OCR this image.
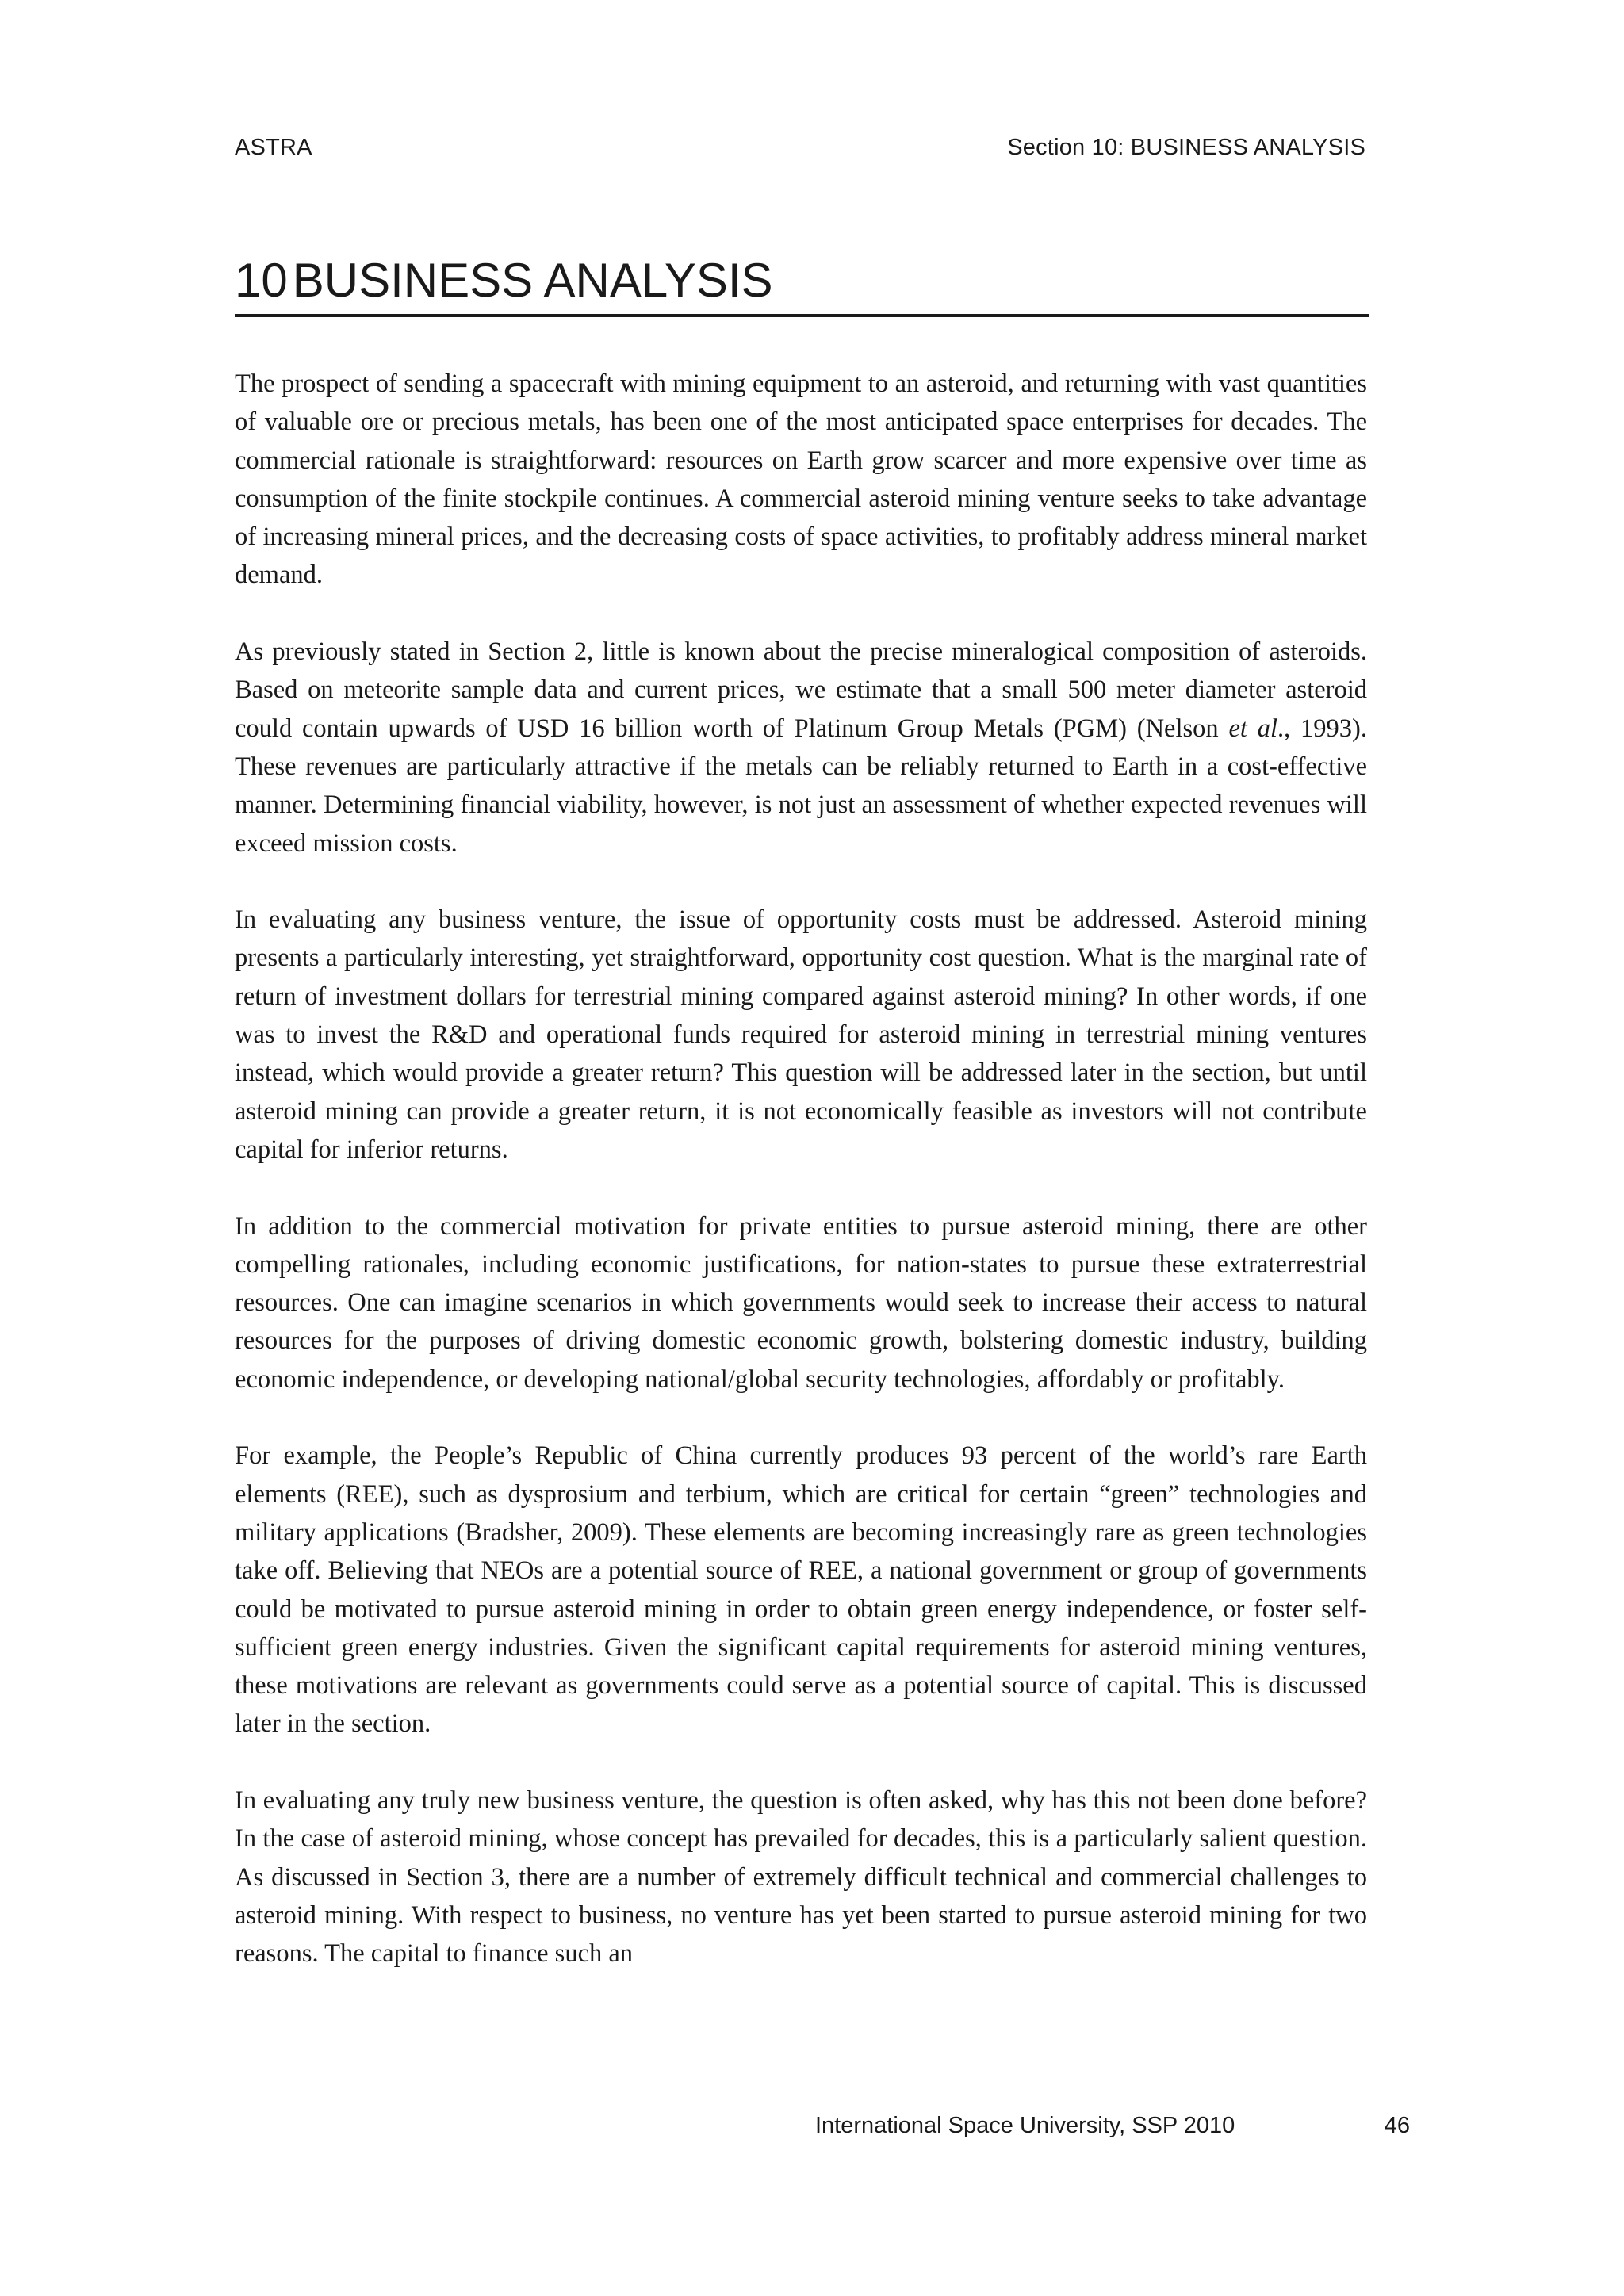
ASTRA	Section 10: BUSINESS ANALYSIS
10 BUSINESS ANALYSIS

The prospect of sending a spacecraft with mining equipment to an asteroid, and returning with vast quantities of valuable ore or precious metals, has been one of the most anticipated space enterprises for decades. The commercial rationale is straightforward: resources on Earth grow scarcer and more expensive over time as consumption of the finite stockpile continues. A commercial asteroid mining venture seeks to take advantage of increasing mineral prices, and the decreasing costs of space activities, to profitably address mineral market demand.

As previously stated in Section 2, little is known about the precise mineralogical composition of asteroids. Based on meteorite sample data and current prices, we estimate that a small 500 meter diameter asteroid could contain upwards of USD 16 billion worth of Platinum Group Metals (PGM) (Nelson et al., 1993). These revenues are particularly attractive if the metals can be reliably returned to Earth in a cost-effective manner. Determining financial viability, however, is not just an assessment of whether expected revenues will exceed mission costs.

In evaluating any business venture, the issue of opportunity costs must be addressed. Asteroid mining presents a particularly interesting, yet straightforward, opportunity cost question. What is the marginal rate of return of investment dollars for terrestrial mining compared against asteroid mining? In other words, if one was to invest the R&D and operational funds required for asteroid mining in terrestrial mining ventures instead, which would provide a greater return? This question will be addressed later in the section, but until asteroid mining can provide a greater return, it is not economically feasible as investors will not contribute capital for inferior returns.

In addition to the commercial motivation for private entities to pursue asteroid mining, there are other compelling rationales, including economic justifications, for nation-states to pursue these extraterrestrial resources. One can imagine scenarios in which governments would seek to increase their access to natural resources for the purposes of driving domestic economic growth, bolstering domestic industry, building economic independence, or developing national/global security technologies, affordably or profitably.

For example, the People’s Republic of China currently produces 93 percent of the world’s rare Earth elements (REE), such as dysprosium and terbium, which are critical for certain “green” technologies and military applications (Bradsher, 2009). These elements are becoming increasingly rare as green technologies take off. Believing that NEOs are a potential source of REE, a national government or group of governments could be motivated to pursue asteroid mining in order to obtain green energy independence, or foster self-sufficient green energy industries. Given the significant capital requirements for asteroid mining ventures, these motivations are relevant as governments could serve as a potential source of capital. This is discussed later in the section.

In evaluating any truly new business venture, the question is often asked, why has this not been done before? In the case of asteroid mining, whose concept has prevailed for decades, this is a particularly salient question. As discussed in Section 3, there are a number of extremely difficult technical and commercial challenges to asteroid mining. With respect to business, no venture has yet been started to pursue asteroid mining for two reasons. The capital to finance such an

International Space University, SSP 2010	46
